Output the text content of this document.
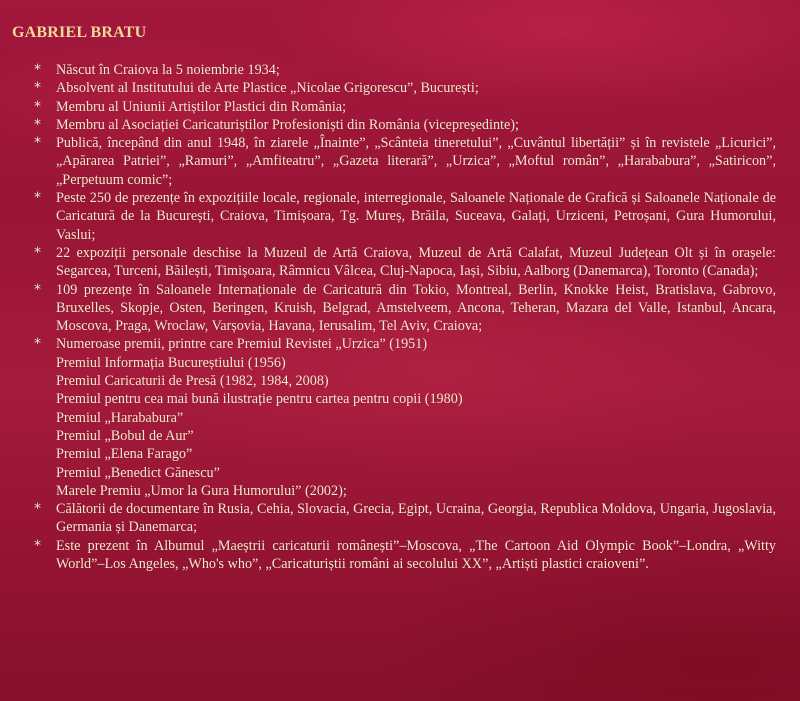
GABRIEL BRATU
*	Născut în Craiova la 5 noiembrie 1934;
*	Absolvent al Institutului de Arte Plastice „Nicolae Grigorescu”, București;
*	Membru al Uniunii Artiștilor Plastici din România;
*	Membru al Asociației Caricaturiștilor Profesioniști din România (vicepreședinte);
*	Publică, începând din anul 1948, în ziarele „Înainte”, „Scânteia tineretului”, „Cuvântul libertății” și în revistele „Licurici”, „Apărarea Patriei”, „Ramuri”, „Amfiteatru”, „Gazeta literară”, „Urzica”, „Moftul român”, „Harababura”, „Satiricon”, „Perpetuum comic”;
*	Peste 250 de prezențe în expozițiile locale, regionale, interregionale, Saloanele Naționale de Grafică și Saloanele Naționale de Caricatură de la București, Craiova, Timișoara, Tg. Mureș, Brăila, Suceava, Galați, Urziceni, Petroșani, Gura Humorului, Vaslui;
*	22 expoziții personale deschise la Muzeul de Artă Craiova, Muzeul de Artă Calafat, Muzeul Județean Olt și în orașele: Segarcea, Turceni, Băilești, Timișoara, Râmnicu Vâlcea, Cluj-Napoca, Iași, Sibiu, Aalborg (Danemarca), Toronto (Canada);
*	109 prezențe în Saloanele Internaționale de Caricatură din Tokio, Montreal, Berlin, Knokke Heist, Bratislava, Gabrovo, Bruxelles, Skopje, Osten, Beringen, Kruish, Belgrad, Amstelveem, Ancona, Teheran, Mazara del Valle, Istanbul, Ancara, Moscova, Praga, Wroclaw, Varșovia, Havana, Ierusalim, Tel Aviv, Craiova;
*	Numeroase premii, printre care Premiul Revistei „Urzica” (1951)
Premiul Informația Bucureștiului (1956)
Premiul Caricaturii de Presă (1982, 1984, 2008)
Premiul pentru cea mai bună ilustrație pentru cartea pentru copii (1980)
Premiul „Harababura”
Premiul „Bobul de Aur”
Premiul „Elena Farago”
Premiul „Benedict Gănescu”
Marele Premiu „Umor la Gura Humorului” (2002);
*	Călătorii de documentare în Rusia, Cehia, Slovacia, Grecia, Egipt, Ucraina, Georgia, Republica Moldova, Ungaria, Jugoslavia, Germania și Danemarca;
*	Este prezent în Albumul „Maeștrii caricaturii românești”–Moscova, „The Cartoon Aid Olympic Book”–Londra, „Witty World”–Los Angeles, „Who's who”, „Caricaturiștii români ai secolului XX”, „Artiști plastici craioveni”.
